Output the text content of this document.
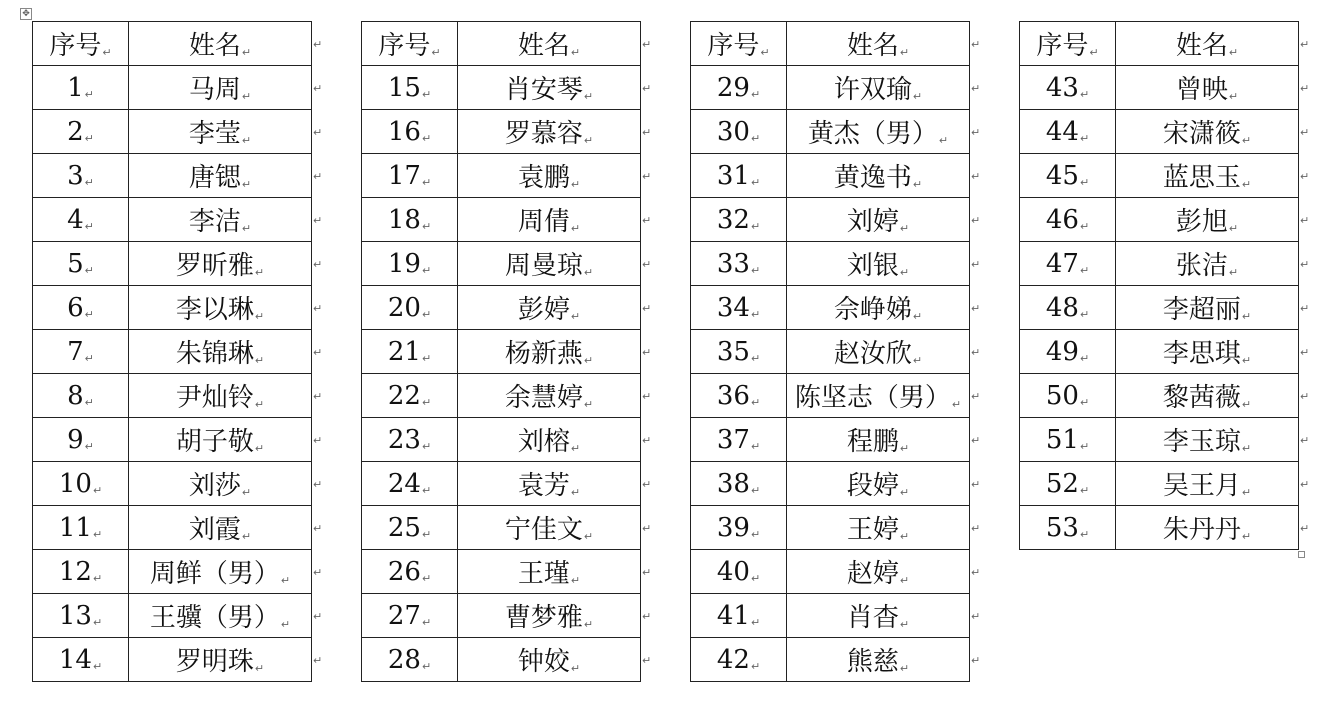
✥
序号↵	姓名↵
1↵	马周↵
2↵	李莹↵
3↵	唐锶↵
4↵	李洁↵
5↵	罗昕雅↵
6↵	李以琳↵
7↵	朱锦琳↵
8↵	尹灿铃↵
9↵	胡子敬↵
10↵	刘莎↵
11↵	刘霞↵
12↵	周鲜（男）↵
13↵	王骥（男）↵
14↵	罗明珠↵
↵
↵
↵
↵
↵
↵
↵
↵
↵
↵
↵
↵
↵
↵
↵
序号↵	姓名↵
15↵	肖安琴↵
16↵	罗慕容↵
17↵	袁鹏↵
18↵	周倩↵
19↵	周曼琼↵
20↵	彭婷↵
21↵	杨新燕↵
22↵	余慧婷↵
23↵	刘榕↵
24↵	袁芳↵
25↵	宁佳文↵
26↵	王瑾↵
27↵	曹梦雅↵
28↵	钟姣↵
↵
↵
↵
↵
↵
↵
↵
↵
↵
↵
↵
↵
↵
↵
↵
序号↵	姓名↵
29↵	许双瑜↵
30↵	黄杰（男）↵
31↵	黄逸书↵
32↵	刘婷↵
33↵	刘银↵
34↵	佘峥娣↵
35↵	赵汝欣↵
36↵	陈坚志（男）↵
37↵	程鹏↵
38↵	段婷↵
39↵	王婷↵
40↵	赵婷↵
41↵	肖杳↵
42↵	熊慈↵
↵
↵
↵
↵
↵
↵
↵
↵
↵
↵
↵
↵
↵
↵
↵
序号↵	姓名↵
43↵	曾映↵
44↵	宋潇筱↵
45↵	蓝思玉↵
46↵	彭旭↵
47↵	张洁↵
48↵	李超丽↵
49↵	李思琪↵
50↵	黎茜薇↵
51↵	李玉琼↵
52↵	吴王月↵
53↵	朱丹丹↵
↵
↵
↵
↵
↵
↵
↵
↵
↵
↵
↵
↵
